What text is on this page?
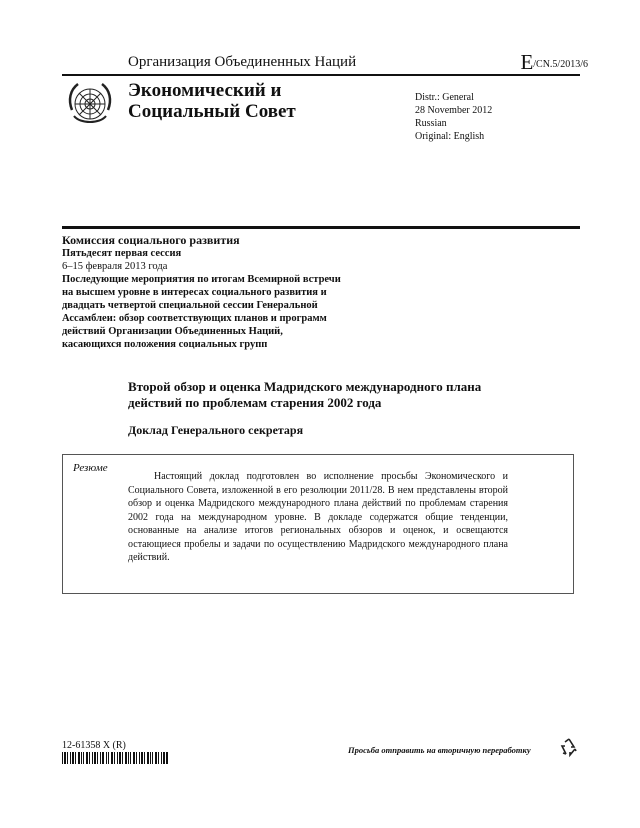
Организация Объединенных Наций	E/CN.5/2013/6
Экономический и
Социальный Совет
Distr.: General
28 November 2012
Russian
Original: English
Комиссия социального развития
Пятьдесят первая сессия
6–15 февраля 2013 года
Последующие мероприятия по итогам Всемирной встречи на высшем уровне в интересах социального развития и двадцать четвертой специальной сессии Генеральной Ассамблеи: обзор соответствующих планов и программ действий Организации Объединенных Наций, касающихся положения социальных групп
Второй обзор и оценка Мадридского международного плана действий по проблемам старения 2002 года
Доклад Генерального секретаря
Резюме
Настоящий доклад подготовлен во исполнение просьбы Экономического и Социального Совета, изложенной в его резолюции 2011/28. В нем представлены второй обзор и оценка Мадридского международного плана действий по проблемам старения 2002 года на международном уровне. В докладе содержатся общие тенденции, основанные на анализе итогов региональных обзоров и оценок, и освещаются остающиеся пробелы и задачи по осуществлению Мадридского международного плана действий.
12-61358 X (R)	Просьба отправить на вторичную переработку
